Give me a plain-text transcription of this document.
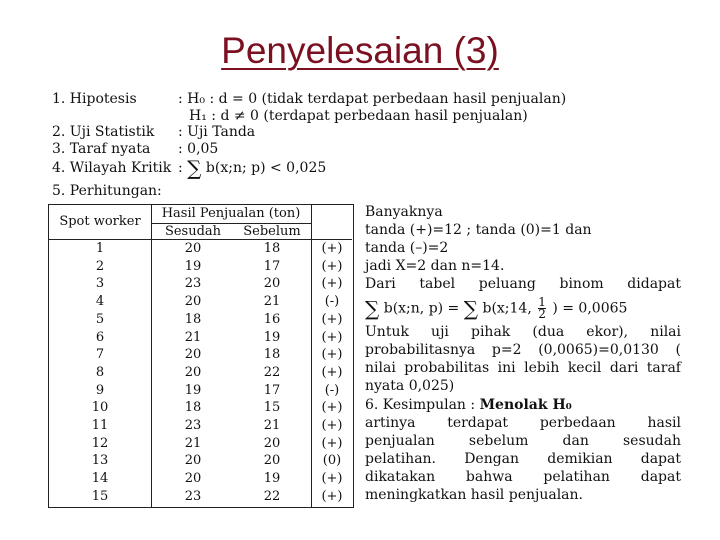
Penyelesaian (3)
1. Hipotesis	: H₀ : d = 0 (tidak terdapat perbedaan hasil penjualan)
H₁ : d ≠ 0 (terdapat perbedaan hasil penjualan)
2. Uji Statistik : Uji Tanda
3. Taraf nyata : 0,05
4. Wilayah Kritik : ∑ b(x;n; p) < 0,025
5. Perhitungan:
Spot worker
Hasil Penjualan (ton)
Sesudah	Sebelum
1	20	18	(+)
2	19	17	(+)
3	23	20	(+)
4	20	21	(-)
5	18	16	(+)
6	21	19	(+)
7	20	18	(+)
8	20	22	(+)
9	19	17	(-)
10	18	15	(+)
11	23	21	(+)
12	21	20	(+)
13	20	20	(0)
14	20	19	(+)
15	23	22	(+)
Banyaknya
tanda (+)=12 ; tanda (0)=1 dan
tanda (–)=2
jadi X=2 dan n=14.
Dari tabel peluang binom didapat
∑ b(x;n, p) = ∑ b(x;14, $\frac{1}{2}$ ) = 0,0065
Untuk uji pihak (dua ekor), nilai
probabilitasnya p=2 (0,0065)=0,0130 (
nilai probabilitas ini lebih kecil dari taraf
nyata 0,025)
6. Kesimpulan : Menolak H₀
artinya terdapat perbedaan hasil
penjualan sebelum dan sesudah
pelatihan. Dengan demikian dapat
dikatakan bahwa pelatihan dapat
meningkatkan hasil penjualan.
